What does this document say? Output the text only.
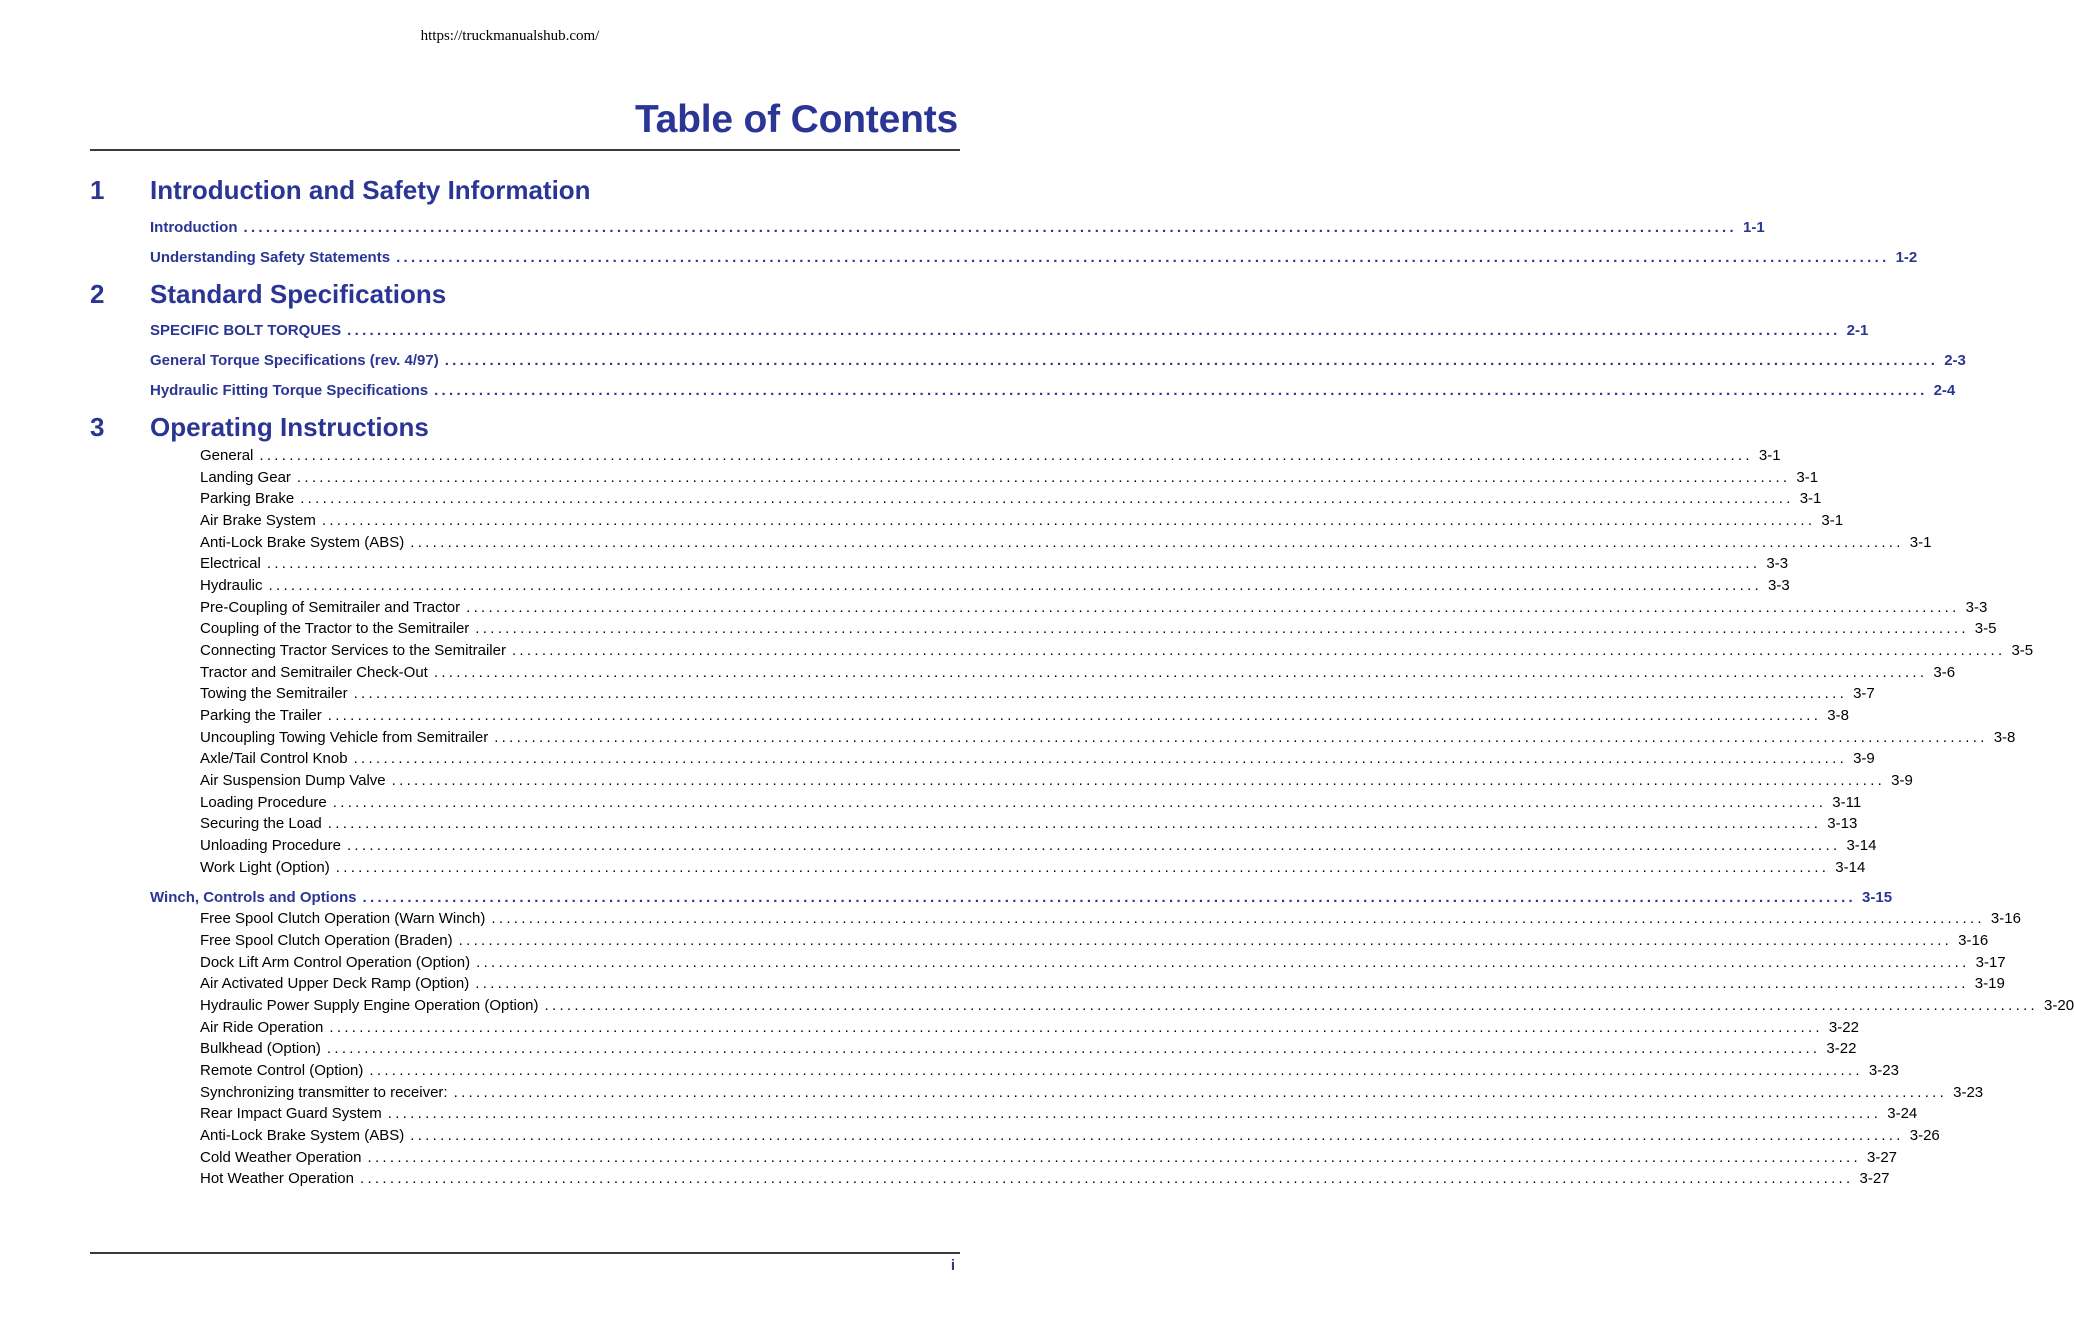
https://truckmanualshub.com/
Table of Contents
1 Introduction and Safety Information
Introduction ........................................................................................................................................................................................................ 1-1
Understanding Safety Statements ........................................................................................................................................................................................................ 1-2
2 Standard Specifications
SPECIFIC BOLT TORQUES ........................................................................................................................................................................................................ 2-1
General Torque Specifications (rev. 4/97) ........................................................................................................................................................................................................ 2-3
Hydraulic Fitting Torque Specifications ........................................................................................................................................................................................................ 2-4
3 Operating Instructions
General ........................................................................................................................................................................................................ 3-1
Landing Gear ........................................................................................................................................................................................................ 3-1
Parking Brake ........................................................................................................................................................................................................ 3-1
Air Brake System ........................................................................................................................................................................................................ 3-1
Anti-Lock Brake System (ABS) ........................................................................................................................................................................................................ 3-1
Electrical ........................................................................................................................................................................................................ 3-3
Hydraulic ........................................................................................................................................................................................................ 3-3
Pre-Coupling of Semitrailer and Tractor ........................................................................................................................................................................................................ 3-3
Coupling of the Tractor to the Semitrailer ........................................................................................................................................................................................................ 3-5
Connecting Tractor Services to the Semitrailer ........................................................................................................................................................................................................ 3-5
Tractor and Semitrailer Check-Out ........................................................................................................................................................................................................ 3-6
Towing the Semitrailer ........................................................................................................................................................................................................ 3-7
Parking the Trailer ........................................................................................................................................................................................................ 3-8
Uncoupling Towing Vehicle from Semitrailer ........................................................................................................................................................................................................ 3-8
Axle/Tail Control Knob ........................................................................................................................................................................................................ 3-9
Air Suspension Dump Valve ........................................................................................................................................................................................................ 3-9
Loading Procedure ........................................................................................................................................................................................................ 3-11
Securing the Load ........................................................................................................................................................................................................ 3-13
Unloading Procedure ........................................................................................................................................................................................................ 3-14
Work Light (Option) ........................................................................................................................................................................................................ 3-14
Winch, Controls and Options ........................................................................................................................................................................................................ 3-15
Free Spool Clutch Operation (Warn Winch) ........................................................................................................................................................................................................ 3-16
Free Spool Clutch Operation (Braden) ........................................................................................................................................................................................................ 3-16
Dock Lift Arm Control Operation (Option) ........................................................................................................................................................................................................ 3-17
Air Activated Upper Deck Ramp (Option) ........................................................................................................................................................................................................ 3-19
Hydraulic Power Supply Engine Operation (Option) ........................................................................................................................................................................................................ 3-20
Air Ride Operation ........................................................................................................................................................................................................ 3-22
Bulkhead (Option) ........................................................................................................................................................................................................ 3-22
Remote Control (Option) ........................................................................................................................................................................................................ 3-23
Synchronizing transmitter to receiver: ........................................................................................................................................................................................................ 3-23
Rear Impact Guard System ........................................................................................................................................................................................................ 3-24
Anti-Lock Brake System (ABS) ........................................................................................................................................................................................................ 3-26
Cold Weather Operation ........................................................................................................................................................................................................ 3-27
Hot Weather Operation ........................................................................................................................................................................................................ 3-27
i
